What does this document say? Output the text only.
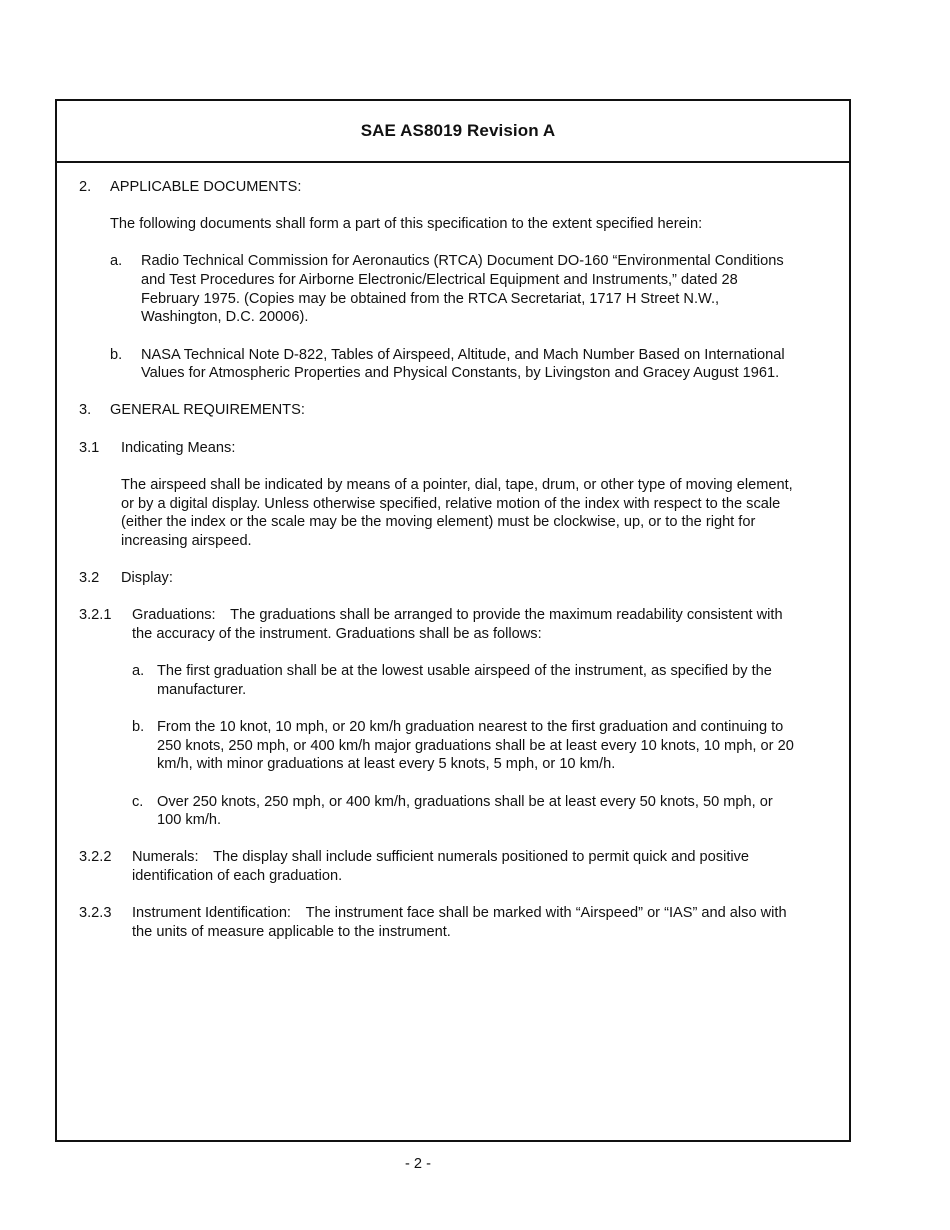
SAE AS8019 Revision A
2. APPLICABLE DOCUMENTS:
The following documents shall form a part of this specification to the extent specified herein:
a. Radio Technical Commission for Aeronautics (RTCA) Document DO-160 “Environmental Conditions
and Test Procedures for Airborne Electronic/Electrical Equipment and Instruments,” dated 28
February 1975. (Copies may be obtained from the RTCA Secretariat, 1717 H Street N.W.,
Washington, D.C. 20006).
b. NASA Technical Note D-822, Tables of Airspeed, Altitude, and Mach Number Based on International
Values for Atmospheric Properties and Physical Constants, by Livingston and Gracey August 1961.
3. GENERAL REQUIREMENTS:
3.1 Indicating Means:
The airspeed shall be indicated by means of a pointer, dial, tape, drum, or other type of moving element,
or by a digital display. Unless otherwise specified, relative motion of the index with respect to the scale
(either the index or the scale may be the moving element) must be clockwise, up, or to the right for
increasing airspeed.
3.2 Display:
3.2.1 Graduations: The graduations shall be arranged to provide the maximum readability consistent with
the accuracy of the instrument. Graduations shall be as follows:
a. The first graduation shall be at the lowest usable airspeed of the instrument, as specified by the
manufacturer.
b. From the 10 knot, 10 mph, or 20 km/h graduation nearest to the first graduation and continuing to
250 knots, 250 mph, or 400 km/h major graduations shall be at least every 10 knots, 10 mph, or 20
km/h, with minor graduations at least every 5 knots, 5 mph, or 10 km/h.
c. Over 250 knots, 250 mph, or 400 km/h, graduations shall be at least every 50 knots, 50 mph, or
100 km/h.
3.2.2 Numerals: The display shall include sufficient numerals positioned to permit quick and positive
identification of each graduation.
3.2.3 Instrument Identification: The instrument face shall be marked with “Airspeed” or “IAS” and also with
the units of measure applicable to the instrument.
- 2 -
